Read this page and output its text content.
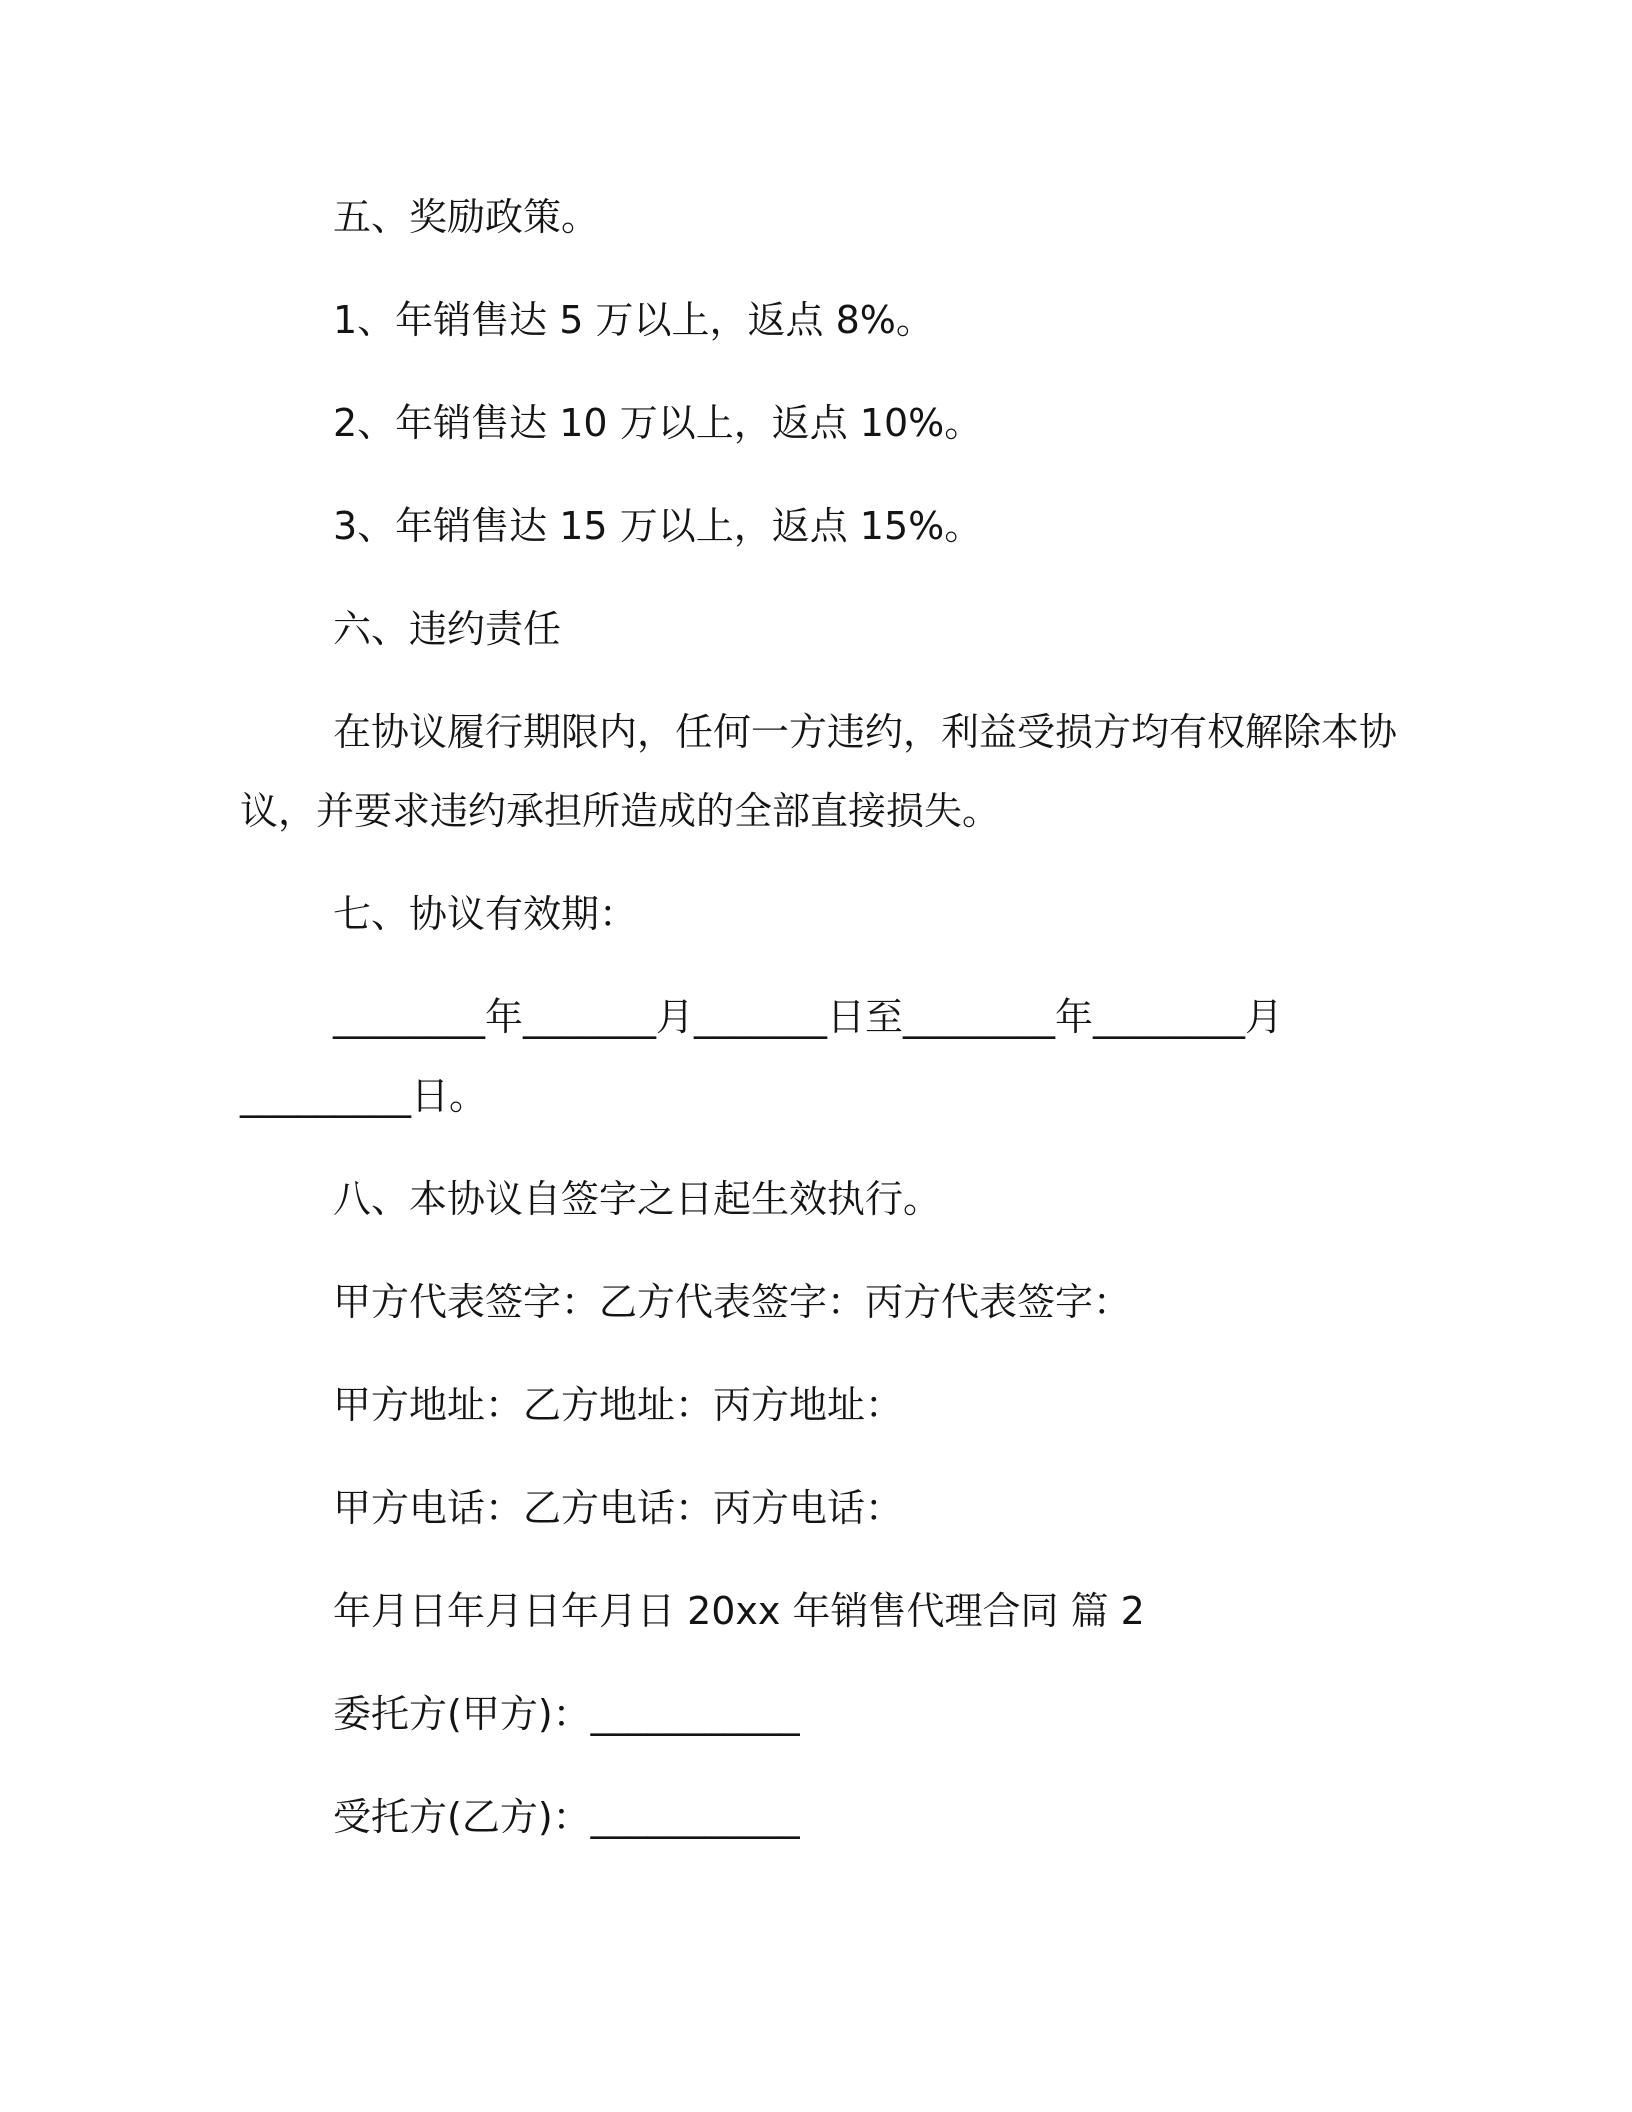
五、奖励政策。
1、年销售达 5 万以上，返点 8%。
2、年销售达 10 万以上，返点 10%。
3、年销售达 15 万以上，返点 15%。
六、违约责任
在协议履行期限内，任何一方违约，利益受损方均有权解除本协
议，并要求违约承担所造成的全部直接损失。
七、协议有效期：
________年_______月_______日至________年________月
_________日。
八、本协议自签字之日起生效执行。
甲方代表签字：乙方代表签字：丙方代表签字：
甲方地址：乙方地址：丙方地址：
甲方电话：乙方电话：丙方电话：
年月日年月日年月日 20xx 年销售代理合同 篇 2
委托方(甲方)：___________
受托方(乙方)：___________
